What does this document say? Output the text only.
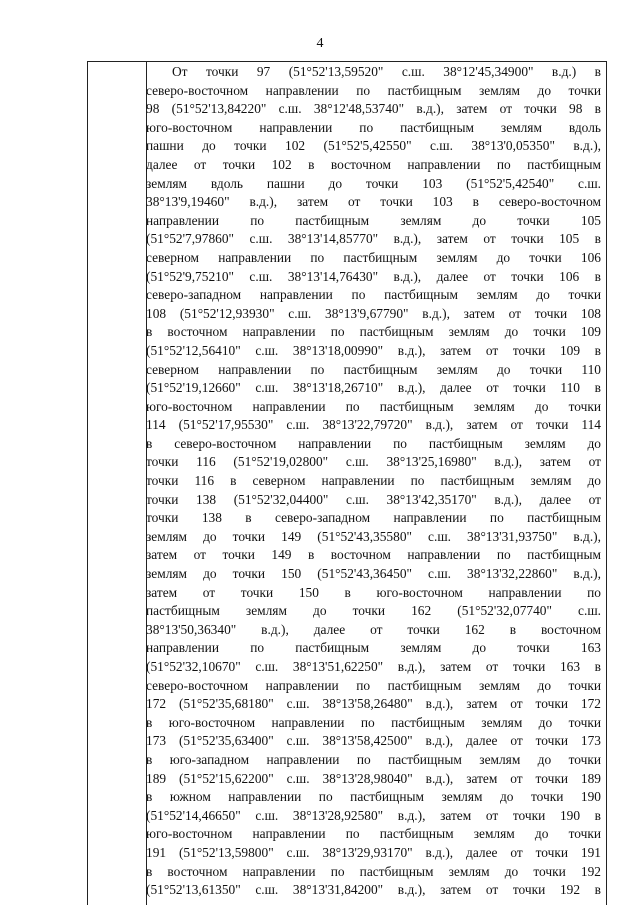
4
От точки 97 (51°52'13,59520" с.ш. 38°12'45,34900" в.д.) в
северо-восточном направлении по пастбищным землям до точки
98 (51°52'13,84220" с.ш. 38°12'48,53740" в.д.), затем от точки 98 в
юго-восточном направлении по пастбищным землям вдоль
пашни до точки 102 (51°52'5,42550" с.ш. 38°13'0,05350" в.д.),
далее от точки 102 в восточном направлении по пастбищным
землям вдоль пашни до точки 103 (51°52'5,42540" с.ш.
38°13'9,19460" в.д.), затем от точки 103 в северо-восточном
направлении по пастбищным землям до точки 105
(51°52'7,97860" с.ш. 38°13'14,85770" в.д.), затем от точки 105 в
северном направлении по пастбищным землям до точки 106
(51°52'9,75210" с.ш. 38°13'14,76430" в.д.), далее от точки 106 в
северо-западном направлении по пастбищным землям до точки
108 (51°52'12,93930" с.ш. 38°13'9,67790" в.д.), затем от точки 108
в восточном направлении по пастбищным землям до точки 109
(51°52'12,56410" с.ш. 38°13'18,00990" в.д.), затем от точки 109 в
северном направлении по пастбищным землям до точки 110
(51°52'19,12660" с.ш. 38°13'18,26710" в.д.), далее от точки 110 в
юго-восточном направлении по пастбищным землям до точки
114 (51°52'17,95530" с.ш. 38°13'22,79720" в.д.), затем от точки 114
в северо-восточном направлении по пастбищным землям до
точки 116 (51°52'19,02800" с.ш. 38°13'25,16980" в.д.), затем от
точки 116 в северном направлении по пастбищным землям до
точки 138 (51°52'32,04400" с.ш. 38°13'42,35170" в.д.), далее от
точки 138 в северо-западном направлении по пастбищным
землям до точки 149 (51°52'43,35580" с.ш. 38°13'31,93750" в.д.),
затем от точки 149 в восточном направлении по пастбищным
землям до точки 150 (51°52'43,36450" с.ш. 38°13'32,22860" в.д.),
затем от точки 150 в юго-восточном направлении по
пастбищным землям до точки 162 (51°52'32,07740" с.ш.
38°13'50,36340" в.д.), далее от точки 162 в восточном
направлении по пастбищным землям до точки 163
(51°52'32,10670" с.ш. 38°13'51,62250" в.д.), затем от точки 163 в
северо-восточном направлении по пастбищным землям до точки
172 (51°52'35,68180" с.ш. 38°13'58,26480" в.д.), затем от точки 172
в юго-восточном направлении по пастбищным землям до точки
173 (51°52'35,63400" с.ш. 38°13'58,42500" в.д.), далее от точки 173
в юго-западном направлении по пастбищным землям до точки
189 (51°52'15,62200" с.ш. 38°13'28,98040" в.д.), затем от точки 189
в южном направлении по пастбищным землям до точки 190
(51°52'14,46650" с.ш. 38°13'28,92580" в.д.), затем от точки 190 в
юго-восточном направлении по пастбищным землям до точки
191 (51°52'13,59800" с.ш. 38°13'29,93170" в.д.), далее от точки 191
в восточном направлении по пастбищным землям до точки 192
(51°52'13,61350" с.ш. 38°13'31,84200" в.д.), затем от точки 192 в
